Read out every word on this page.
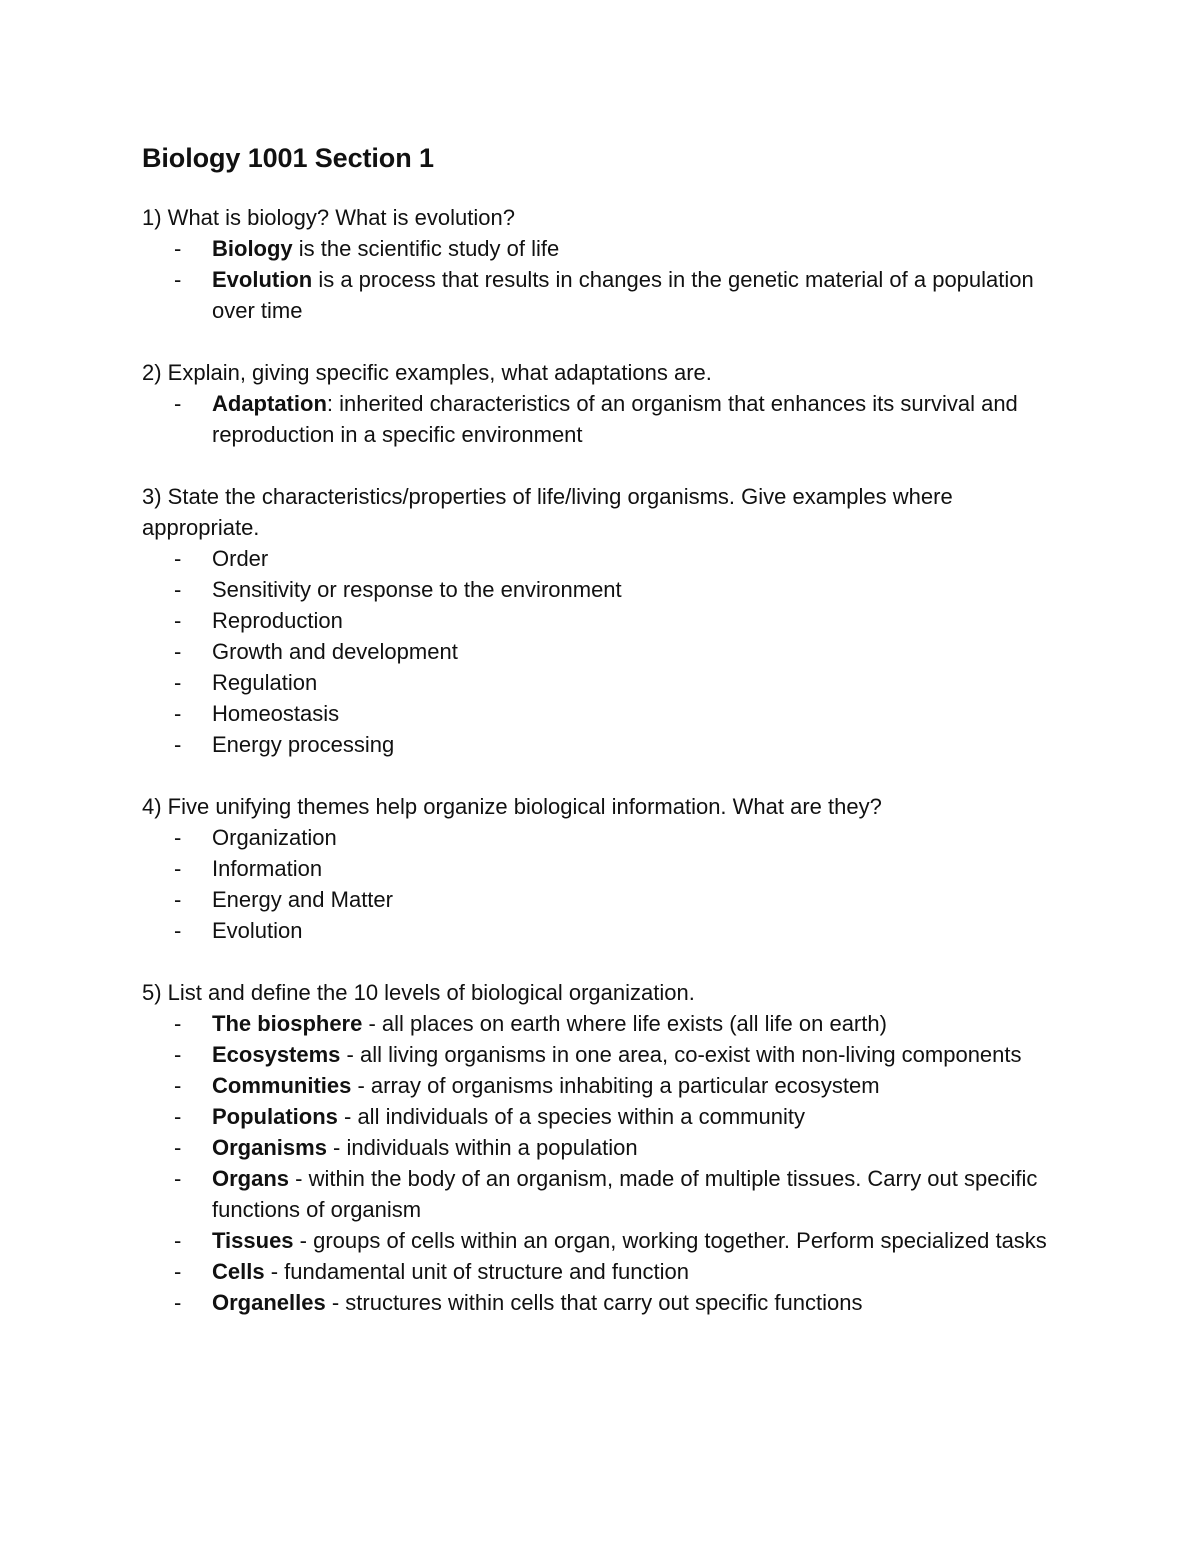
Biology 1001 Section 1

1) What is biology? What is evolution?

- Biology is the scientific study of life
- Evolution is a process that results in changes in the genetic material of a population over time

2) Explain, giving specific examples, what adaptations are.

- Adaptation: inherited characteristics of an organism that enhances its survival and reproduction in a specific environment

3) State the characteristics/properties of life/living organisms. Give examples where appropriate.

- Order
- Sensitivity or response to the environment
- Reproduction
- Growth and development
- Regulation
- Homeostasis
- Energy processing

4) Five unifying themes help organize biological information. What are they?

- Organization
- Information
- Energy and Matter
- Evolution

5) List and define the 10 levels of biological organization.

- The biosphere - all places on earth where life exists (all life on earth)
- Ecosystems - all living organisms in one area, co-exist with non-living components
- Communities - array of organisms inhabiting a particular ecosystem
- Populations - all individuals of a species within a community
- Organisms - individuals within a population
- Organs - within the body of an organism, made of multiple tissues. Carry out specific functions of organism
- Tissues - groups of cells within an organ, working together. Perform specialized tasks
- Cells - fundamental unit of structure and function
- Organelles - structures within cells that carry out specific functions
